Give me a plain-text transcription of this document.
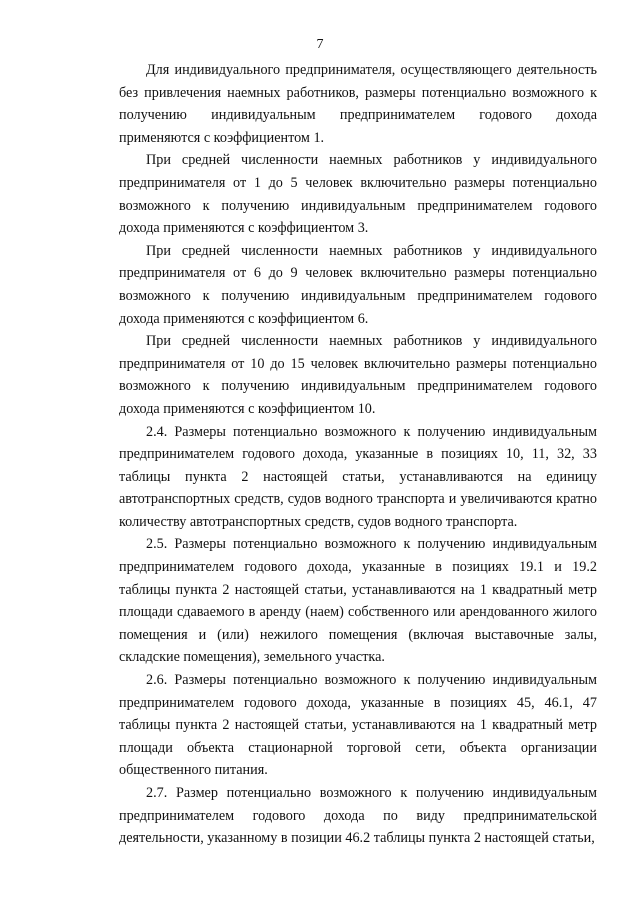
7

Для индивидуального предпринимателя, осуществляющего деятельность без привлечения наемных работников, размеры потенциально возможного к получению индивидуальным предпринимателем годового дохода применяются с коэффициентом 1.

При средней численности наемных работников у индивидуального предпринимателя от 1 до 5 человек включительно размеры потенциально возможного к получению индивидуальным предпринимателем годового дохода применяются с коэффициентом 3.

При средней численности наемных работников у индивидуального предпринимателя от 6 до 9 человек включительно размеры потенциально возможного к получению индивидуальным предпринимателем годового дохода применяются с коэффициентом 6.

При средней численности наемных работников у индивидуального предпринимателя от 10 до 15 человек включительно размеры потенциально возможного к получению индивидуальным предпринимателем годового дохода применяются с коэффициентом 10.

2.4. Размеры потенциально возможного к получению индивидуальным предпринимателем годового дохода, указанные в позициях 10, 11, 32, 33 таблицы пункта 2 настоящей статьи, устанавливаются на единицу автотранспортных средств, судов водного транспорта и увеличиваются кратно количеству автотранспортных средств, судов водного транспорта.

2.5. Размеры потенциально возможного к получению индивидуальным предпринимателем годового дохода, указанные в позициях 19.1 и 19.2 таблицы пункта 2 настоящей статьи, устанавливаются на 1 квадратный метр площади сдаваемого в аренду (наем) собственного или арендованного жилого помещения и (или) нежилого помещения (включая выставочные залы, складские помещения), земельного участка.

2.6. Размеры потенциально возможного к получению индивидуальным предпринимателем годового дохода, указанные в позициях 45, 46.1, 47 таблицы пункта 2 настоящей статьи, устанавливаются на 1 квадратный метр площади объекта стационарной торговой сети, объекта организации общественного питания.

2.7. Размер потенциально возможного к получению индивидуальным предпринимателем годового дохода по виду предпринимательской деятельности, указанному в позиции 46.2 таблицы пункта 2 настоящей статьи,
